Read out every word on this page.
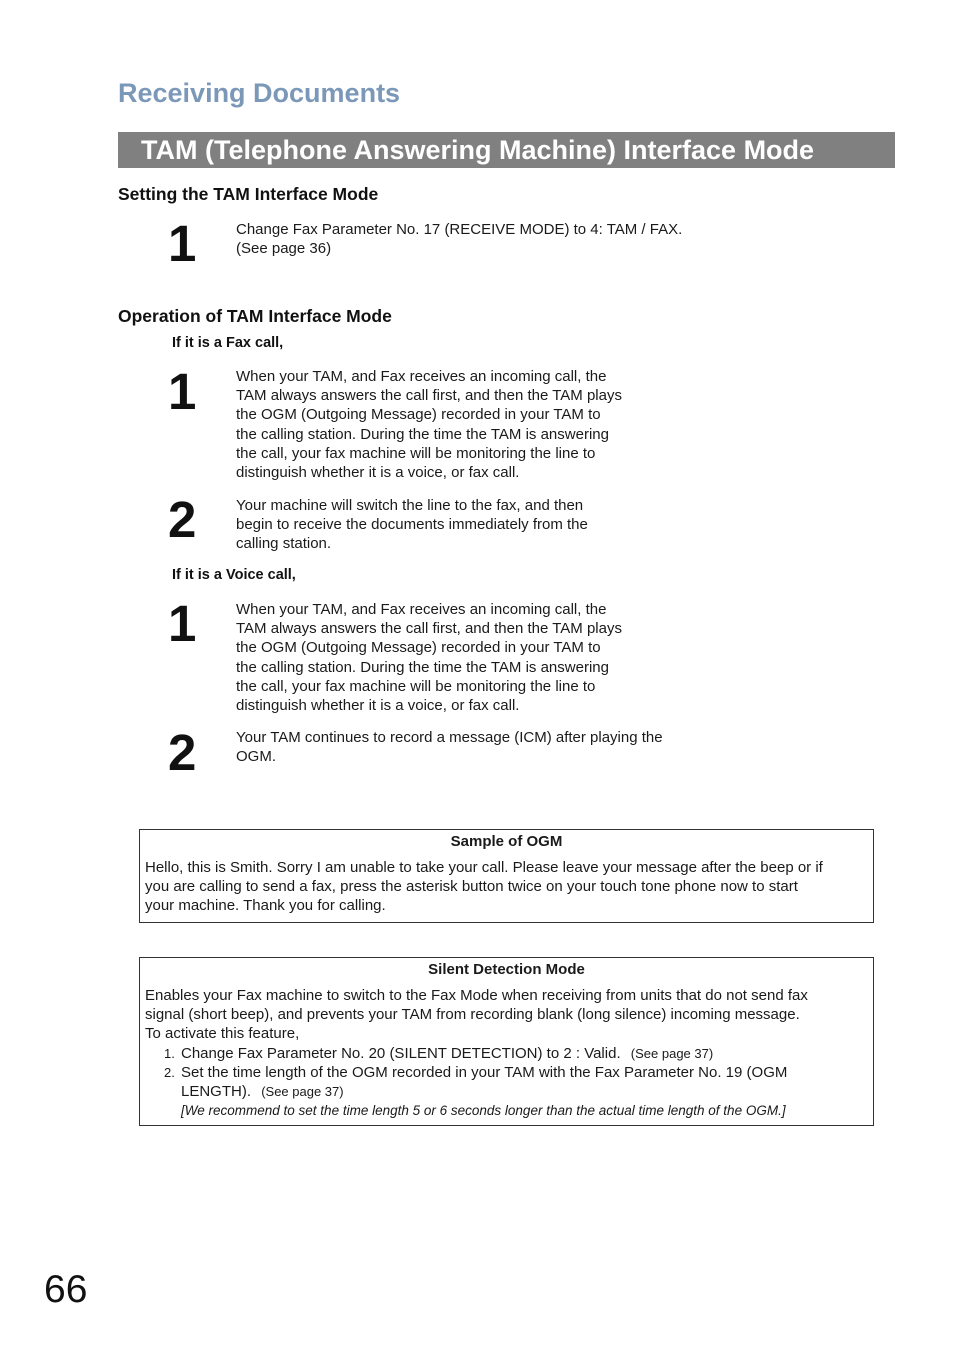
Receiving Documents
TAM (Telephone Answering Machine) Interface Mode
Setting the TAM Interface Mode
1	Change Fax Parameter No. 17 (RECEIVE MODE) to 4: TAM / FAX.
(See page 36)
Operation of TAM Interface Mode
If it is a Fax call,
1	When your TAM, and Fax receives an incoming call, the
TAM always answers the call first, and then the TAM plays
the OGM (Outgoing Message) recorded in your TAM to
the calling station. During the time the TAM is answering
the call, your fax machine will be monitoring the line to
distinguish whether it is a voice, or fax call.
2	Your machine will switch the line to the fax, and then
begin to receive the documents immediately from the
calling station.
If it is a Voice call,
1	When your TAM, and Fax receives an incoming call, the
TAM always answers the call first, and then the TAM plays
the OGM (Outgoing Message) recorded in your TAM to
the calling station. During the time the TAM is answering
the call, your fax machine will be monitoring the line to
distinguish whether it is a voice, or fax call.
2	Your TAM continues to record a message (ICM) after playing the
OGM.
Sample of OGM
Hello, this is Smith. Sorry I am unable to take your call. Please leave your message after the beep or if
you are calling to send a fax, press the asterisk button twice on your touch tone phone now to start
your machine. Thank you for calling.
Silent Detection Mode
Enables your Fax machine to switch to the Fax Mode when receiving from units that do not send fax
signal (short beep), and prevents your TAM from recording blank (long silence) incoming message.
To activate this feature,
1. Change Fax Parameter No. 20 (SILENT DETECTION) to 2 : Valid. (See page 37)
2. Set the time length of the OGM recorded in your TAM with the Fax Parameter No. 19 (OGM
LENGTH). (See page 37)
[We recommend to set the time length 5 or 6 seconds longer than the actual time length of the OGM.]
66
